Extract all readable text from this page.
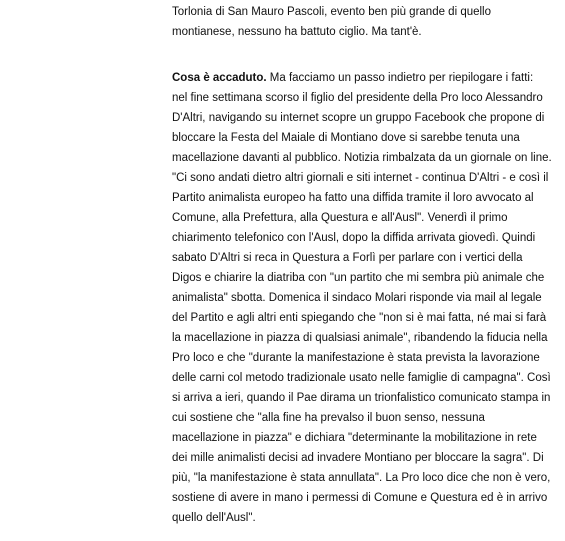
Torlonia di San Mauro Pascoli, evento ben più grande di quello
montianese, nessuno ha battuto ciglio. Ma tant'è.
Cosa è accaduto. Ma facciamo un passo indietro per riepilogare i fatti:
nel fine settimana scorso il figlio del presidente della Pro loco Alessandro
D'Altri, navigando su internet scopre un gruppo Facebook che propone di
bloccare la Festa del Maiale di Montiano dove si sarebbe tenuta una
macellazione davanti al pubblico. Notizia rimbalzata da un giornale on line.
"Ci sono andati dietro altri giornali e siti internet - continua D'Altri - e così il
Partito animalista europeo ha fatto una diffida tramite il loro avvocato al
Comune, alla Prefettura, alla Questura e all'Ausl". Venerdì il primo
chiarimento telefonico con l'Ausl, dopo la diffida arrivata giovedì. Quindi
sabato D'Altri si reca in Questura a Forlì per parlare con i vertici della
Digos e chiarire la diatriba con "un partito che mi sembra più animale che
animalista" sbotta. Domenica il sindaco Molari risponde via mail al legale
del Partito e agli altri enti spiegando che "non si è mai fatta, né mai si farà
la macellazione in piazza di qualsiasi animale", ribandendo la fiducia nella
Pro loco e che "durante la manifestazione è stata prevista la lavorazione
delle carni col metodo tradizionale usato nelle famiglie di campagna". Così
si arriva a ieri, quando il Pae dirama un trionfalistico comunicato stampa in
cui sostiene che "alla fine ha prevalso il buon senso, nessuna
macellazione in piazza" e dichiara "determinante la mobilitazione in rete
dei mille animalisti decisi ad invadere Montiano per bloccare la sagra". Di
più, "la manifestazione è stata annullata". La Pro loco dice che non è vero,
sostiene di avere in mano i permessi di Comune e Questura ed è in arrivo
quello dell'Ausl".
